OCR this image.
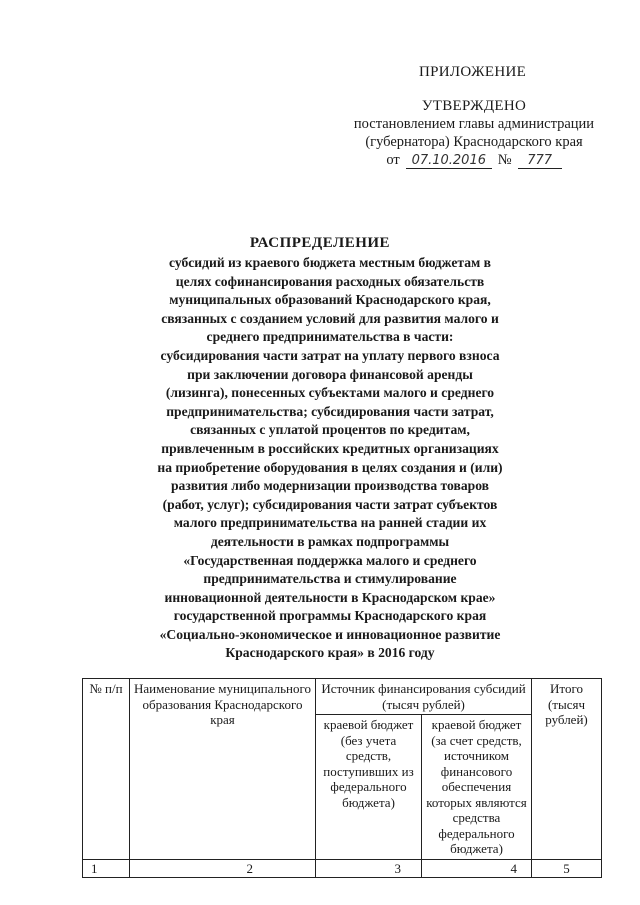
ПРИЛОЖЕНИЕ
УТВЕРЖДЕНО
постановлением главы администрации
(губернатора) Краснодарского края
от 07.10.2016 №	777
РАСПРЕДЕЛЕНИЕ
субсидий из краевого бюджета местным бюджетам в
целях софинансирования расходных обязательств
муниципальных образований Краснодарского края,
связанных с созданием условий для развития малого и
среднего предпринимательства в части:
субсидирования части затрат на уплату первого взноса
при заключении договора финансовой аренды
(лизинга), понесенных субъектами малого и среднего
предпринимательства; субсидирования части затрат,
связанных с уплатой процентов по кредитам,
привлеченным в российских кредитных организациях
на приобретение оборудования в целях создания и (или)
развития либо модернизации производства товаров
(работ, услуг); субсидирования части затрат субъектов
малого предпринимательства на ранней стадии их
деятельности в рамках подпрограммы
«Государственная поддержка малого и среднего
предпринимательства и стимулирование
инновационной деятельности в Краснодарском крае»
государственной программы Краснодарского края
«Социально-экономическое и инновационное развитие
Краснодарского края» в 2016 году
№ п/п	Наименование муниципального образования Краснодарского края	Источник финансирования субсидий (тысяч рублей)		Итого (тысяч рублей)
		краевой бюджет (без учета средств, поступивших из федерального бюджета)	краевой бюджет (за счет средств, источником финансового обеспечения которых являются средства федерального бюджета)	
1	2	3	4	5
